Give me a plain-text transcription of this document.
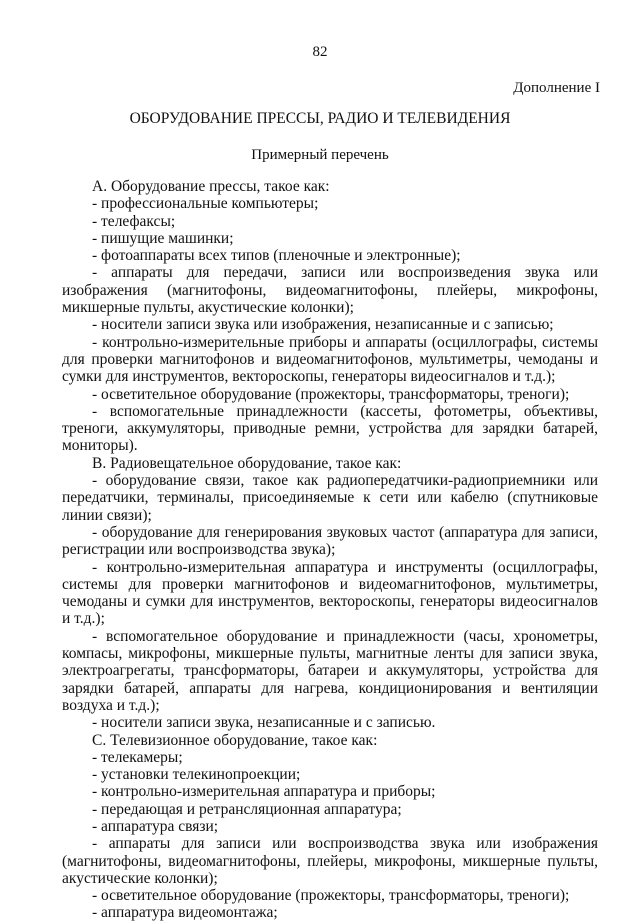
82
Дополнение I
ОБОРУДОВАНИЕ ПРЕССЫ, РАДИО И ТЕЛЕВИДЕНИЯ
Примерный перечень

А. Оборудование прессы, такое как:

- профессиональные компьютеры;

- телефаксы;

- пишущие машинки;

- фотоаппараты всех типов (пленочные и электронные);

- аппараты для передачи, записи или воспроизведения звука или изображения (магнитофоны, видеомагнитофоны, плейеры, микрофоны, микшерные пульты, акустические колонки);

- носители записи звука или изображения, незаписанные и с записью;

- контрольно-измерительные приборы и аппараты (осциллографы, системы для проверки магнитофонов и видеомагнитофонов, мультиметры, чемоданы и сумки для инструментов, вектороскопы, генераторы видеосигналов и т.д.);

- осветительное оборудование (прожекторы, трансформаторы, треноги);

- вспомогательные принадлежности (кассеты, фотометры, объективы, треноги, аккумуляторы, приводные ремни, устройства для зарядки батарей, мониторы).

В. Радиовещательное оборудование, такое как:

- оборудование связи, такое как радиопередатчики-радиоприемники или передатчики, терминалы, присоединяемые к сети или кабелю (спутниковые линии связи);

- оборудование для генерирования звуковых частот (аппаратура для записи, регистрации или воспроизводства звука);

- контрольно-измерительная аппаратура и инструменты (осциллографы, системы для проверки магнитофонов и видеомагнитофонов, мультиметры, чемоданы и сумки для инструментов, вектороскопы, генераторы видеосигналов и т.д.);

- вспомогательное оборудование и принадлежности (часы, хронометры, компасы, микрофоны, микшерные пульты, магнитные ленты для записи звука, электроагрегаты, трансформаторы, батареи и аккумуляторы, устройства для зарядки батарей, аппараты для нагрева, кондиционирования и вентиляции воздуха и т.д.);

- носители записи звука, незаписанные и с записью.

С. Телевизионное оборудование, такое как:

- телекамеры;

- установки телекинопроекции;

- контрольно-измерительная аппаратура и приборы;

- передающая и ретрансляционная аппаратура;

- аппаратура связи;

- аппараты для записи или воспроизводства звука или изображения (магнитофоны, видеомагнитофоны, плейеры, микрофоны, микшерные пульты, акустические колонки);

- осветительное оборудование (прожекторы, трансформаторы, треноги);

- аппаратура видеомонтажа;
